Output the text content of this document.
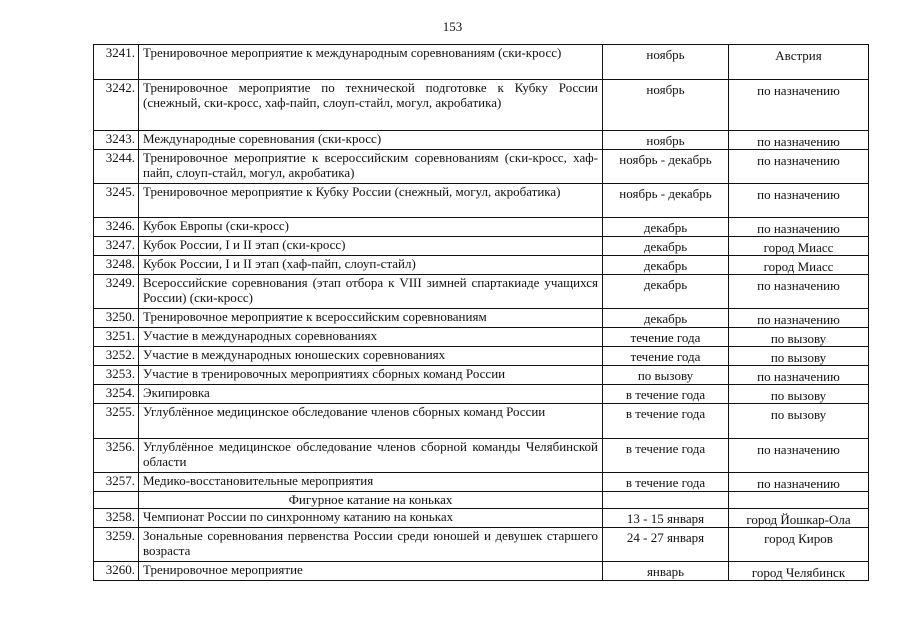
153
3241.	Тренировочное мероприятие к международным соревнованиям (ски-кросс)	ноябрь	Австрия
3242.	Тренировочное мероприятие по технической подготовке к Кубку России (снежный, ски-кросс, хаф-пайп, слоуп-стайл, могул, акробатика)	ноябрь	по назначению
3243.	Международные соревнования (ски-кросс)	ноябрь	по назначению
3244.	Тренировочное мероприятие к всероссийским соревнованиям (ски-кросс, хаф-пайп, слоуп-стайл, могул, акробатика)	ноябрь - декабрь	по назначению
3245.	Тренировочное мероприятие к Кубку России (снежный, могул, акробатика)	ноябрь - декабрь	по назначению
3246.	Кубок Европы (ски-кросс)	декабрь	по назначению
3247.	Кубок России, I и II этап (ски-кросс)	декабрь	город Миасс
3248.	Кубок России, I и II этап (хаф-пайп, слоуп-стайл)	декабрь	город Миасс
3249.	Всероссийские соревнования (этап отбора к VIII зимней спартакиаде учащихся России) (ски-кросс)	декабрь	по назначению
3250.	Тренировочное мероприятие к всероссийским соревнованиям	декабрь	по назначению
3251.	Участие в международных соревнованиях	течение года	по вызову
3252.	Участие в международных юношеских соревнованиях	течение года	по вызову
3253.	Участие в тренировочных мероприятиях сборных команд России	по вызову	по назначению
3254.	Экипировка	в течение года	по вызову
3255.	Углублённое медицинское обследование членов сборных команд России	в течение года	по вызову
3256.	Углублённое медицинское обследование членов сборной команды Челябинской области	в течение года	по назначению
3257.	Медико-восстановительные мероприятия	в течение года	по назначению
	Фигурное катание на коньках		
3258.	Чемпионат России по синхронному катанию на коньках	13 - 15 января	город Йошкар-Ола
3259.	Зональные соревнования первенства России среди юношей и девушек старшего возраста	24 - 27 января	город Киров
3260.	Тренировочное мероприятие	январь	город Челябинск
